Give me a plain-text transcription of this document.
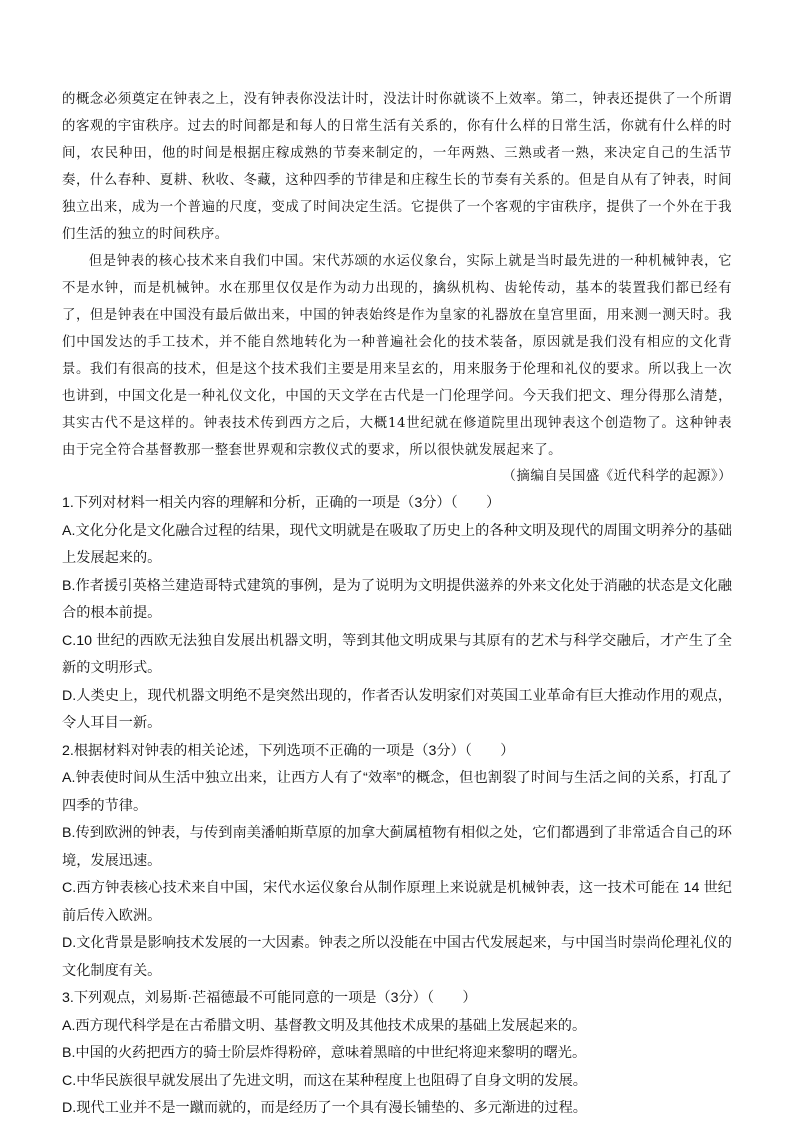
的概念必须奠定在钟表之上，没有钟表你没法计时，没法计时你就谈不上效率。第二，钟表还提供了一个所谓的客观的宇宙秩序。过去的时间都是和每人的日常生活有关系的，你有什么样的日常生活，你就有什么样的时间，农民种田，他的时间是根据庄稼成熟的节奏来制定的，一年两熟、三熟或者一熟，来决定自己的生活节奏，什么春种、夏耕、秋收、冬藏，这种四季的节律是和庄稼生长的节奏有关系的。但是自从有了钟表，时间独立出来，成为一个普遍的尺度，变成了时间决定生活。它提供了一个客观的宇宙秩序，提供了一个外在于我们生活的独立的时间秩序。

但是钟表的核心技术来自我们中国。宋代苏颂的水运仪象台，实际上就是当时最先进的一种机械钟表，它不是水钟，而是机械钟。水在那里仅仅是作为动力出现的，擒纵机构、齿轮传动，基本的装置我们都已经有了，但是钟表在中国没有最后做出来，中国的钟表始终是作为皇家的礼器放在皇宫里面，用来测一测天时。我们中国发达的手工技术，并不能自然地转化为一种普遍社会化的技术装备，原因就是我们没有相应的文化背景。我们有很高的技术，但是这个技术我们主要是用来呈玄的，用来服务于伦理和礼仪的要求。所以我上一次也讲到，中国文化是一种礼仪文化，中国的天文学在古代是一门伦理学问。今天我们把文、理分得那么清楚，其实古代不是这样的。钟表技术传到西方之后，大概14世纪就在修道院里出现钟表这个创造物了。这种钟表由于完全符合基督教那一整套世界观和宗教仪式的要求，所以很快就发展起来了。

（摘编自吴国盛《近代科学的起源》）

1.下列对材料一相关内容的理解和分析，正确的一项是（3分）（　　）

A.文化分化是文化融合过程的结果，现代文明就是在吸取了历史上的各种文明及现代的周围文明养分的基础上发展起来的。

B.作者援引英格兰建造哥特式建筑的事例，是为了说明为文明提供滋养的外来文化处于消融的状态是文化融合的根本前提。

C.10 世纪的西欧无法独自发展出机器文明，等到其他文明成果与其原有的艺术与科学交融后，才产生了全新的文明形式。

D.人类史上，现代机器文明绝不是突然出现的，作者否认发明家们对英国工业革命有巨大推动作用的观点，令人耳目一新。

2.根据材料对钟表的相关论述，下列选项不正确的一项是（3分）（　　）

A.钟表使时间从生活中独立出来，让西方人有了“效率”的概念，但也割裂了时间与生活之间的关系，打乱了四季的节律。

B.传到欧洲的钟表，与传到南美潘帕斯草原的加拿大蓟属植物有相似之处，它们都遇到了非常适合自己的环境，发展迅速。

C.西方钟表核心技术来自中国，宋代水运仪象台从制作原理上来说就是机械钟表，这一技术可能在 14 世纪前后传入欧洲。

D.文化背景是影响技术发展的一大因素。钟表之所以没能在中国古代发展起来，与中国当时崇尚伦理礼仪的文化制度有关。

3.下列观点，刘易斯·芒福德最不可能同意的一项是（3分）（　　）

A.西方现代科学是在古希腊文明、基督教文明及其他技术成果的基础上发展起来的。

B.中国的火药把西方的骑士阶层炸得粉碎，意味着黑暗的中世纪将迎来黎明的曙光。

C.中华民族很早就发展出了先进文明，而这在某种程度上也阻碍了自身文明的发展。

D.现代工业并不是一蹴而就的，而是经历了一个具有漫长铺垫的、多元渐进的过程。
